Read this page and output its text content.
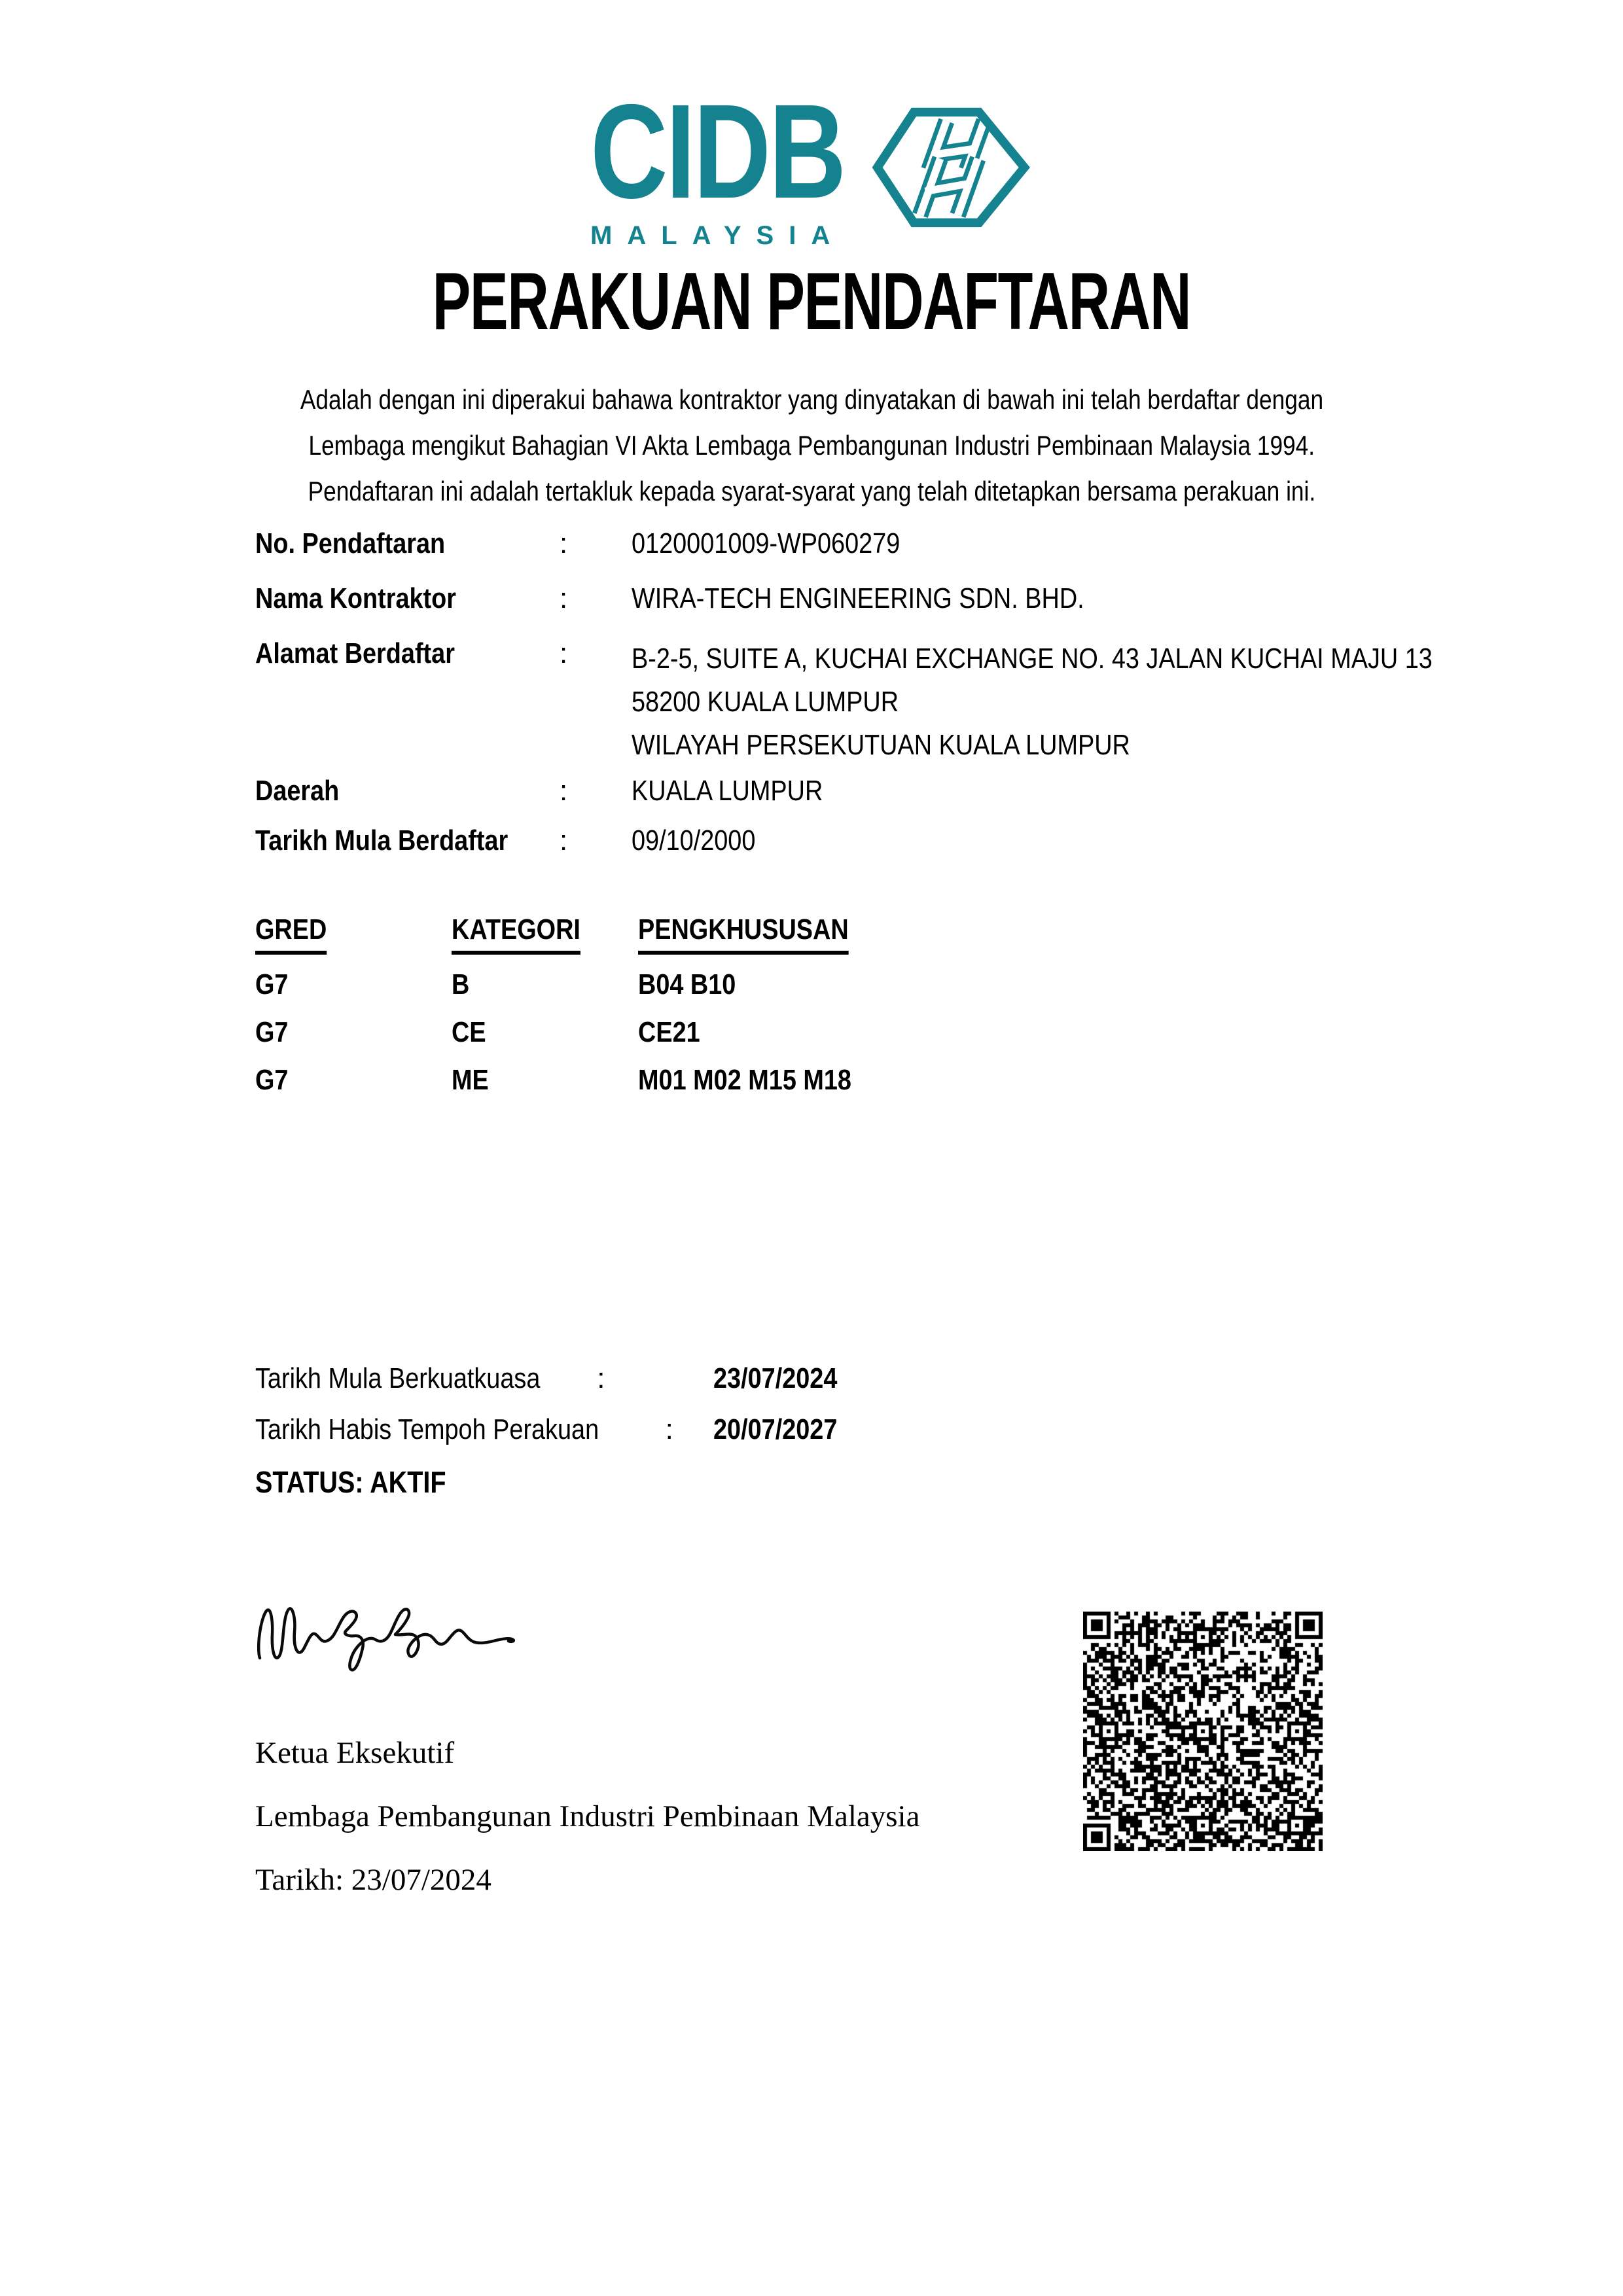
CIDB
MALAYSIA
PERAKUAN PENDAFTARAN
Adalah dengan ini diperakui bahawa kontraktor yang dinyatakan di bawah ini telah berdaftar dengan
Lembaga mengikut Bahagian VI Akta Lembaga Pembangunan Industri Pembinaan Malaysia 1994.
Pendaftaran ini adalah tertakluk kepada syarat-syarat yang telah ditetapkan bersama perakuan ini.
No. Pendaftaran	:	0120001009-WP060279
Nama Kontraktor	:	WIRA-TECH ENGINEERING SDN. BHD.
Alamat Berdaftar	:	B-2-5, SUITE A, KUCHAI EXCHANGE NO. 43 JALAN KUCHAI MAJU 13
58200 KUALA LUMPUR
WILAYAH PERSEKUTUAN KUALA LUMPUR
Daerah	:	KUALA LUMPUR
Tarikh Mula Berdaftar	:	09/10/2000
GRED	KATEGORI	PENGKHUSUSAN
G7	B	B04 B10
G7	CE	CE21
G7	ME	M01 M02 M15 M18
Tarikh Mula Berkuatkuasa :	23/07/2024
Tarikh Habis Tempoh Perakuan : 20/07/2027
STATUS: AKTIF
Ketua Eksekutif
Lembaga Pembangunan Industri Pembinaan Malaysia
Tarikh: 23/07/2024
